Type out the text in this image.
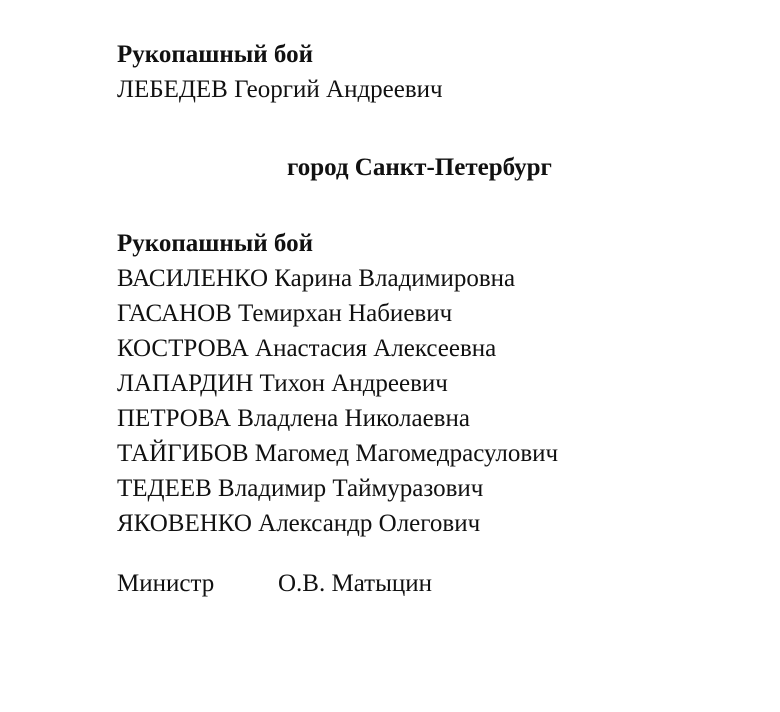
Рукопашный бой
ЛЕБЕДЕВ Георгий Андреевич
город Санкт-Петербург
Рукопашный бой
ВАСИЛЕНКО Карина Владимировна
ГАСАНОВ Темирхан Набиевич
КОСТРОВА Анастасия Алексеевна
ЛАПАРДИН Тихон Андреевич
ПЕТРОВА Владлена Николаевна
ТАЙГИБОВ Магомед Магомедрасулович
ТЕДЕЕВ Владимир Таймуразович
ЯКОВЕНКО Александр Олегович
Министр	О.В. Матыцин
